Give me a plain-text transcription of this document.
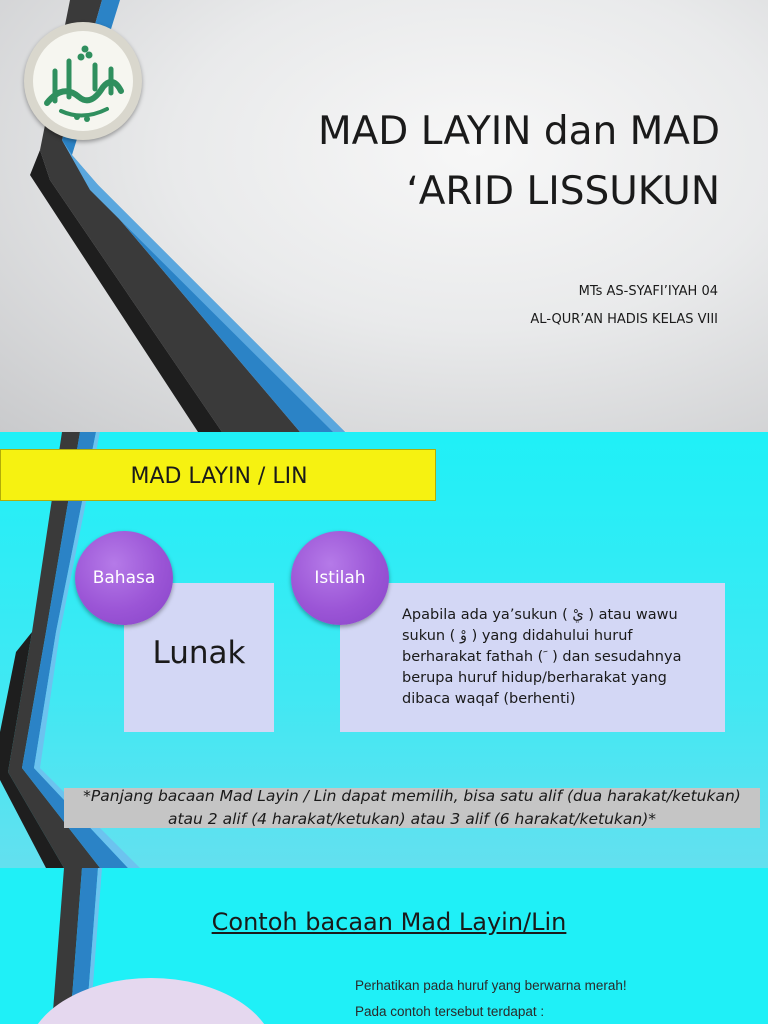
MAD LAYIN dan MAD
‘ARID LISSUKUN
MTs AS-SYAFI’IYAH 04
AL-QUR’AN HADIS KELAS VIII
MAD LAYIN / LIN
Lunak
Apabila ada ya’sukun ( يْ ) atau wawu sukun ( وْ ) yang didahului huruf berharakat fathah ( َ ) dan sesudahnya berupa huruf hidup/berharakat yang dibaca waqaf (berhenti)
Bahasa	Istilah
*Panjang bacaan Mad Layin / Lin dapat memilih, bisa satu alif (dua harakat/ketukan) atau 2 alif (4 harakat/ketukan) atau 3 alif (6 harakat/ketukan)*
Contoh bacaan Mad Layin/Lin
Perhatikan pada huruf yang berwarna merah!
Pada contoh tersebut terdapat :
